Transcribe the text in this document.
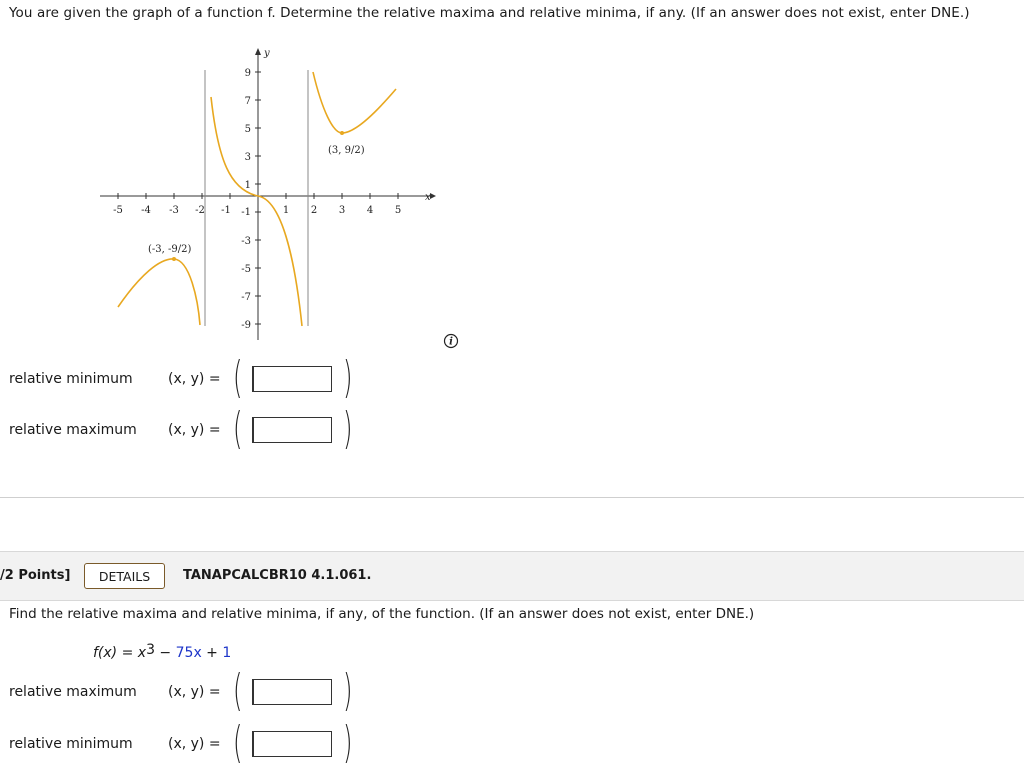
You are given the graph of a function f. Determine the relative maxima and relative minima, if any. (If an answer does not exist, enter DNE.)
-5 -4 -3 -2 -1	1 2 3 4 5
9
7
5
3
1
-1
-3
-5
-7
-9
x
y
(-3, -9/2)
(3, 9/2)
i
relative minimum	(x, y) = ( )
relative maximum (x, y) = ( )
/2 Points]	DETAILS	TANAPCALCBR10 4.1.061.
Find the relative maxima and relative minima, if any, of the function. (If an answer does not exist, enter DNE.)
$f(x) = x^3 - 75x + 1$
relative maximum (x, y) = ( )
relative minimum	(x, y) = ( )
